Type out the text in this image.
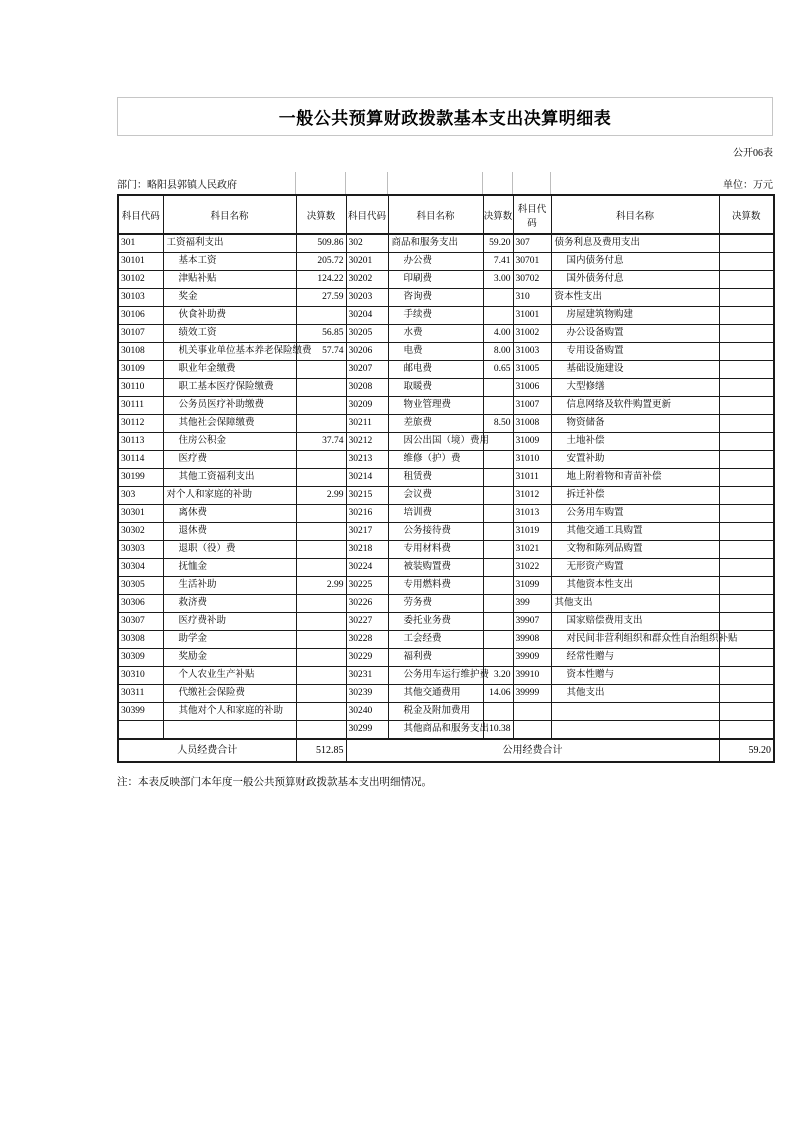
一般公共预算财政拨款基本支出决算明细表
公开06表
部门：略阳县郭镇人民政府	单位：万元
科目代码	科目名称	决算数	科目代码	科目名称	决算数	科目代码	科目名称	决算数
301	工资福利支出	509.86	302	商品和服务支出	59.20	307	债务利息及费用支出	
30101	基本工资	205.72	30201	办公费	7.41	30701	国内债务付息	
30102	津贴补贴	124.22	30202	印刷费	3.00	30702	国外债务付息	
30103	奖金	27.59	30203	咨询费		310	资本性支出	
30106	伙食补助费		30204	手续费		31001	房屋建筑物购建	
30107	绩效工资	56.85	30205	水费	4.00	31002	办公设备购置	
30108	机关事业单位基本养老保险缴费	57.74	30206	电费	8.00	31003	专用设备购置	
30109	职业年金缴费		30207	邮电费	0.65	31005	基础设施建设	
30110	职工基本医疗保险缴费		30208	取暖费		31006	大型修缮	
30111	公务员医疗补助缴费		30209	物业管理费		31007	信息网络及软件购置更新	
30112	其他社会保障缴费		30211	差旅费	8.50	31008	物资储备	
30113	住房公积金	37.74	30212	因公出国（境）费用		31009	土地补偿	
30114	医疗费		30213	维修（护）费		31010	安置补助	
30199	其他工资福利支出		30214	租赁费		31011	地上附着物和青苗补偿	
303	对个人和家庭的补助	2.99	30215	会议费		31012	拆迁补偿	
30301	离休费		30216	培训费		31013	公务用车购置	
30302	退休费		30217	公务接待费		31019	其他交通工具购置	
30303	退职（役）费		30218	专用材料费		31021	文物和陈列品购置	
30304	抚恤金		30224	被装购置费		31022	无形资产购置	
30305	生活补助	2.99	30225	专用燃料费		31099	其他资本性支出	
30306	救济费		30226	劳务费		399	其他支出	
30307	医疗费补助		30227	委托业务费		39907	国家赔偿费用支出	
30308	助学金		30228	工会经费		39908	对民间非营利组织和群众性自治组织补贴	
30309	奖励金		30229	福利费		39909	经常性赠与	
30310	个人农业生产补贴		30231	公务用车运行维护费	3.20	39910	资本性赠与	
30311	代缴社会保险费		30239	其他交通费用	14.06	39999	其他支出	
30399	其他对个人和家庭的补助		30240	税金及附加费用				
			30299	其他商品和服务支出	10.38			
人员经费合计		512.85	公用经费合计					59.20
注：本表反映部门本年度一般公共预算财政拨款基本支出明细情况。
